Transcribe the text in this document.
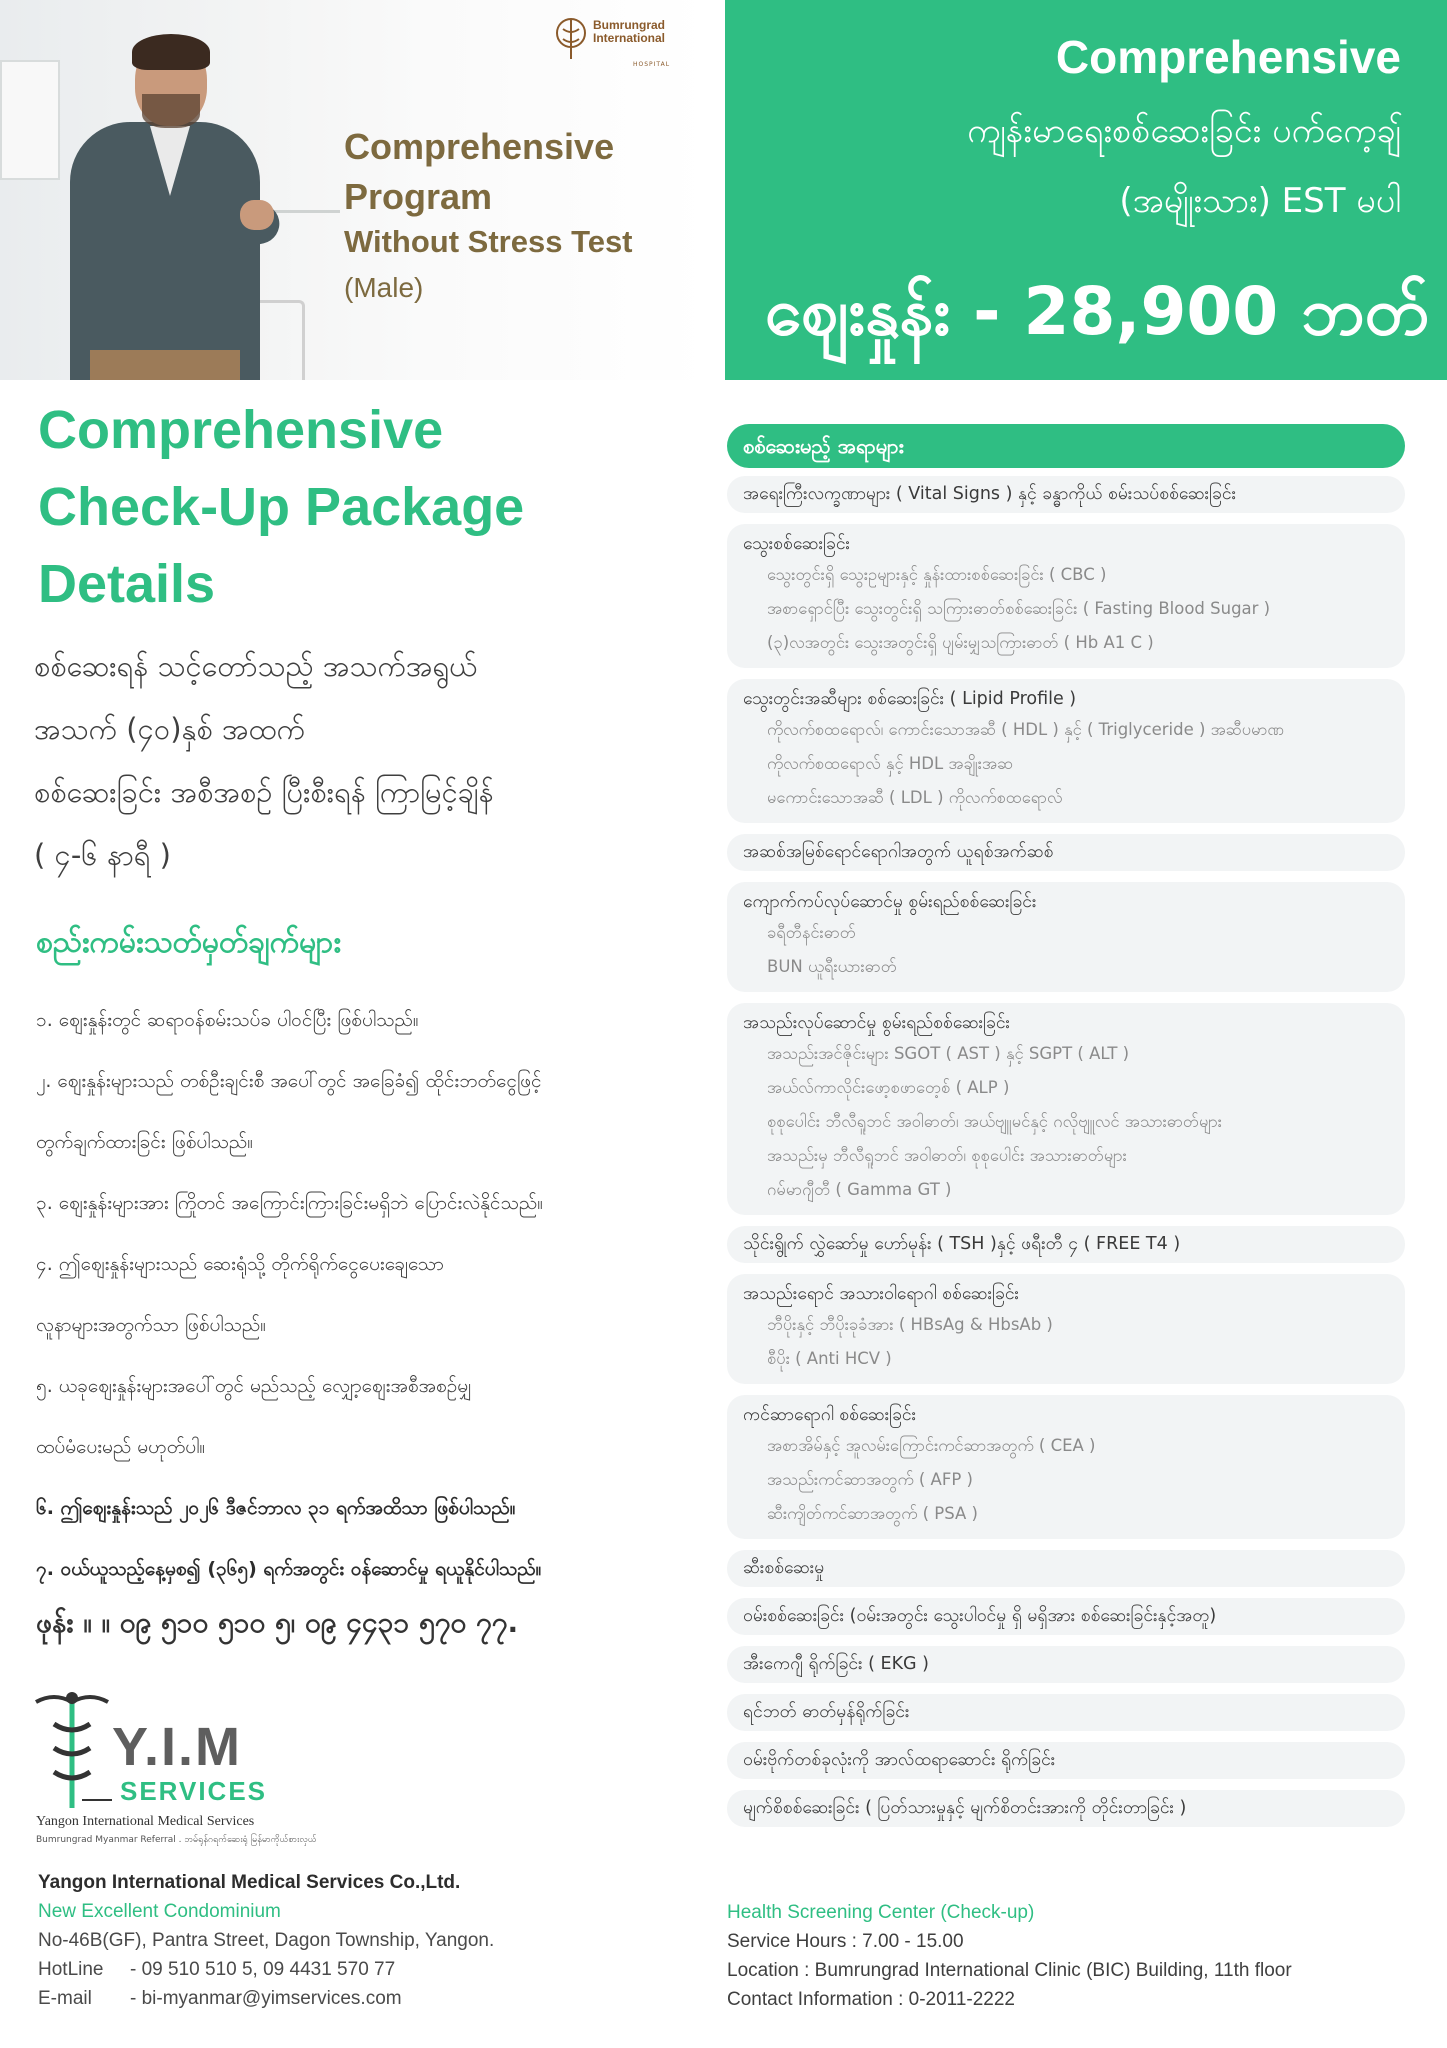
Bumrungrad
International
HOSPITAL
Comprehensive
Program
Without Stress Test
(Male)
Comprehensive
ကျန်းမာရေးစစ်ဆေးခြင်း ပက်ကေ့ချ်
(အမျိုးသား) EST မပါ
စျေးနှုန်း - 28,900 ဘတ်
Comprehensive
Check-Up Package
Details
စစ်ဆေးရန် သင့်တော်သည့် အသက်အရွယ်
အသက် (၄၀)နှစ် အထက်
စစ်ဆေးခြင်း အစီအစဉ် ပြီးစီးရန် ကြာမြင့်ချိန်
( ၄-၆ နာရီ )
စည်းကမ်းသတ်မှတ်ချက်များ
၁. စျေးနှုန်းတွင် ဆရာဝန်စမ်းသပ်ခ ပါဝင်ပြီး ဖြစ်ပါသည်။
၂. စျေးနှုန်းများသည် တစ်ဦးချင်းစီ အပေါ်တွင် အခြေခံ၍ ထိုင်းဘတ်ငွေဖြင့်
တွက်ချက်ထားခြင်း ဖြစ်ပါသည်။
၃. စျေးနှုန်းများအား ကြိုတင် အကြောင်းကြားခြင်းမရှိဘဲ ပြောင်းလဲနိုင်သည်။
၄. ဤစျေးနှုန်းများသည် ဆေးရုံသို့ တိုက်ရိုက်ငွေပေးချေသော
လူနာများအတွက်သာ ဖြစ်ပါသည်။
၅. ယခုစျေးနှုန်းများအပေါ်တွင် မည်သည့် လျှော့စျေးအစီအစဉ်မျှ
ထပ်မံပေးမည် မဟုတ်ပါ။
၆. ဤစျေးနှုန်းသည် ၂၀၂၆ ဒီဇင်ဘာလ ၃၁ ရက်အထိသာ ဖြစ်ပါသည်။
၇. ဝယ်ယူသည့်နေ့မှစ၍ (၃၆၅) ရက်အတွင်း ဝန်ဆောင်မှု ရယူနိုင်ပါသည်။
ဖုန်း ။ ။ ၀၉ ၅၁၀ ၅၁၀ ၅၊ ၀၉ ၄၄၃၁ ၅၇၀ ၇၇.
Y.I.M
SERVICES
Yangon International Medical Services
Bumrungrad Myanmar Referral . ဘမ်ရုန်ဂရက်ဆေးရုံ မြန်မာကိုယ်စားလှယ်
Yangon International Medical Services Co.,Ltd.
New Excellent Condominium
No-46B(GF), Pantra Street, Dagon Township, Yangon.
HotLine - 09 510 510 5, 09 4431 570 77
E-mail - bi-myanmar@yimservices.com
စစ်ဆေးမည့် အရာများ
အရေးကြီးလက္ခဏာများ ( Vital Signs ) နှင့် ခန္ဓာကိုယ် စမ်းသပ်စစ်ဆေးခြင်း
သွေးစစ်ဆေးခြင်း
သွေးတွင်းရှိ သွေးဥများနှင့် နှုန်းထားစစ်ဆေးခြင်း ( CBC )
အစာရှောင်ပြီး သွေးတွင်းရှိ သကြားဓာတ်စစ်ဆေးခြင်း ( Fasting Blood Sugar )
(၃)လအတွင်း သွေးအတွင်းရှိ ပျမ်းမျှသကြားဓာတ် ( Hb A1 C )
သွေးတွင်းအဆီများ စစ်ဆေးခြင်း ( Lipid Profile )
ကိုလက်စထရောလ်၊ ကောင်းသောအဆီ ( HDL ) နှင့် ( Triglyceride ) အဆီပမာဏ
ကိုလက်စထရောလ် နှင့် HDL အချိုးအဆ
မကောင်းသောအဆီ ( LDL ) ကိုလက်စထရောလ်
အဆစ်အမြစ်ရောင်ရောဂါအတွက် ယူရစ်အက်ဆစ်
ကျောက်ကပ်လုပ်ဆောင်မှု စွမ်းရည်စစ်ဆေးခြင်း
ခရီတီနင်းဓာတ်
BUN ယူရီးယားဓာတ်
အသည်းလုပ်ဆောင်မှု စွမ်းရည်စစ်ဆေးခြင်း
အသည်းအင်ဇိုင်းများ SGOT ( AST ) နှင့် SGPT ( ALT )
အယ်လ်ကာလိုင်းဖော့စဖာတေ့စ် ( ALP )
စုစုပေါင်း ဘီလီရူဘင် အဝါဓာတ်၊ အယ်ဗျူမင်နှင့် ဂလိုဗျူလင် အသားဓာတ်များ
အသည်းမှ ဘီလီရူဘင် အဝါဓာတ်၊ စုစုပေါင်း အသားဓာတ်များ
ဂမ်မာဂျီတီ ( Gamma GT )
သိုင်းရွိုက် လွှဲဆော်မှု ဟော်မုန်း ( TSH )နှင့် ဖရီးတီ ၄ ( FREE T4 )
အသည်းရောင် အသားဝါရောဂါ စစ်ဆေးခြင်း
ဘီပိုးနှင့် ဘီပိုးခုခံအား ( HBsAg & HbsAb )
စီပိုး ( Anti HCV )
ကင်ဆာရောဂါ စစ်ဆေးခြင်း
အစာအိမ်နှင့် အူလမ်းကြောင်းကင်ဆာအတွက် ( CEA )
အသည်းကင်ဆာအတွက် ( AFP )
ဆီးကျိတ်ကင်ဆာအတွက် ( PSA )
ဆီးစစ်ဆေးမှု
ဝမ်းစစ်ဆေးခြင်း (ဝမ်းအတွင်း သွေးပါဝင်မှု ရှိ မရှိအား စစ်ဆေးခြင်းနှင့်အတူ)
အီးကေဂျီ ရိုက်ခြင်း ( EKG )
ရင်ဘတ် ဓာတ်မှန်ရိုက်ခြင်း
ဝမ်းဗိုက်တစ်ခုလုံးကို အာလ်ထရာဆောင်း ရိုက်ခြင်း
မျက်စိစစ်ဆေးခြင်း ( ပြတ်သားမှုနှင့် မျက်စိတင်းအားကို တိုင်းတာခြင်း )
Health Screening Center (Check-up)
Service Hours : 7.00 - 15.00
Location : Bumrungrad International Clinic (BIC) Building, 11th floor
Contact Information : 0-2011-2222
